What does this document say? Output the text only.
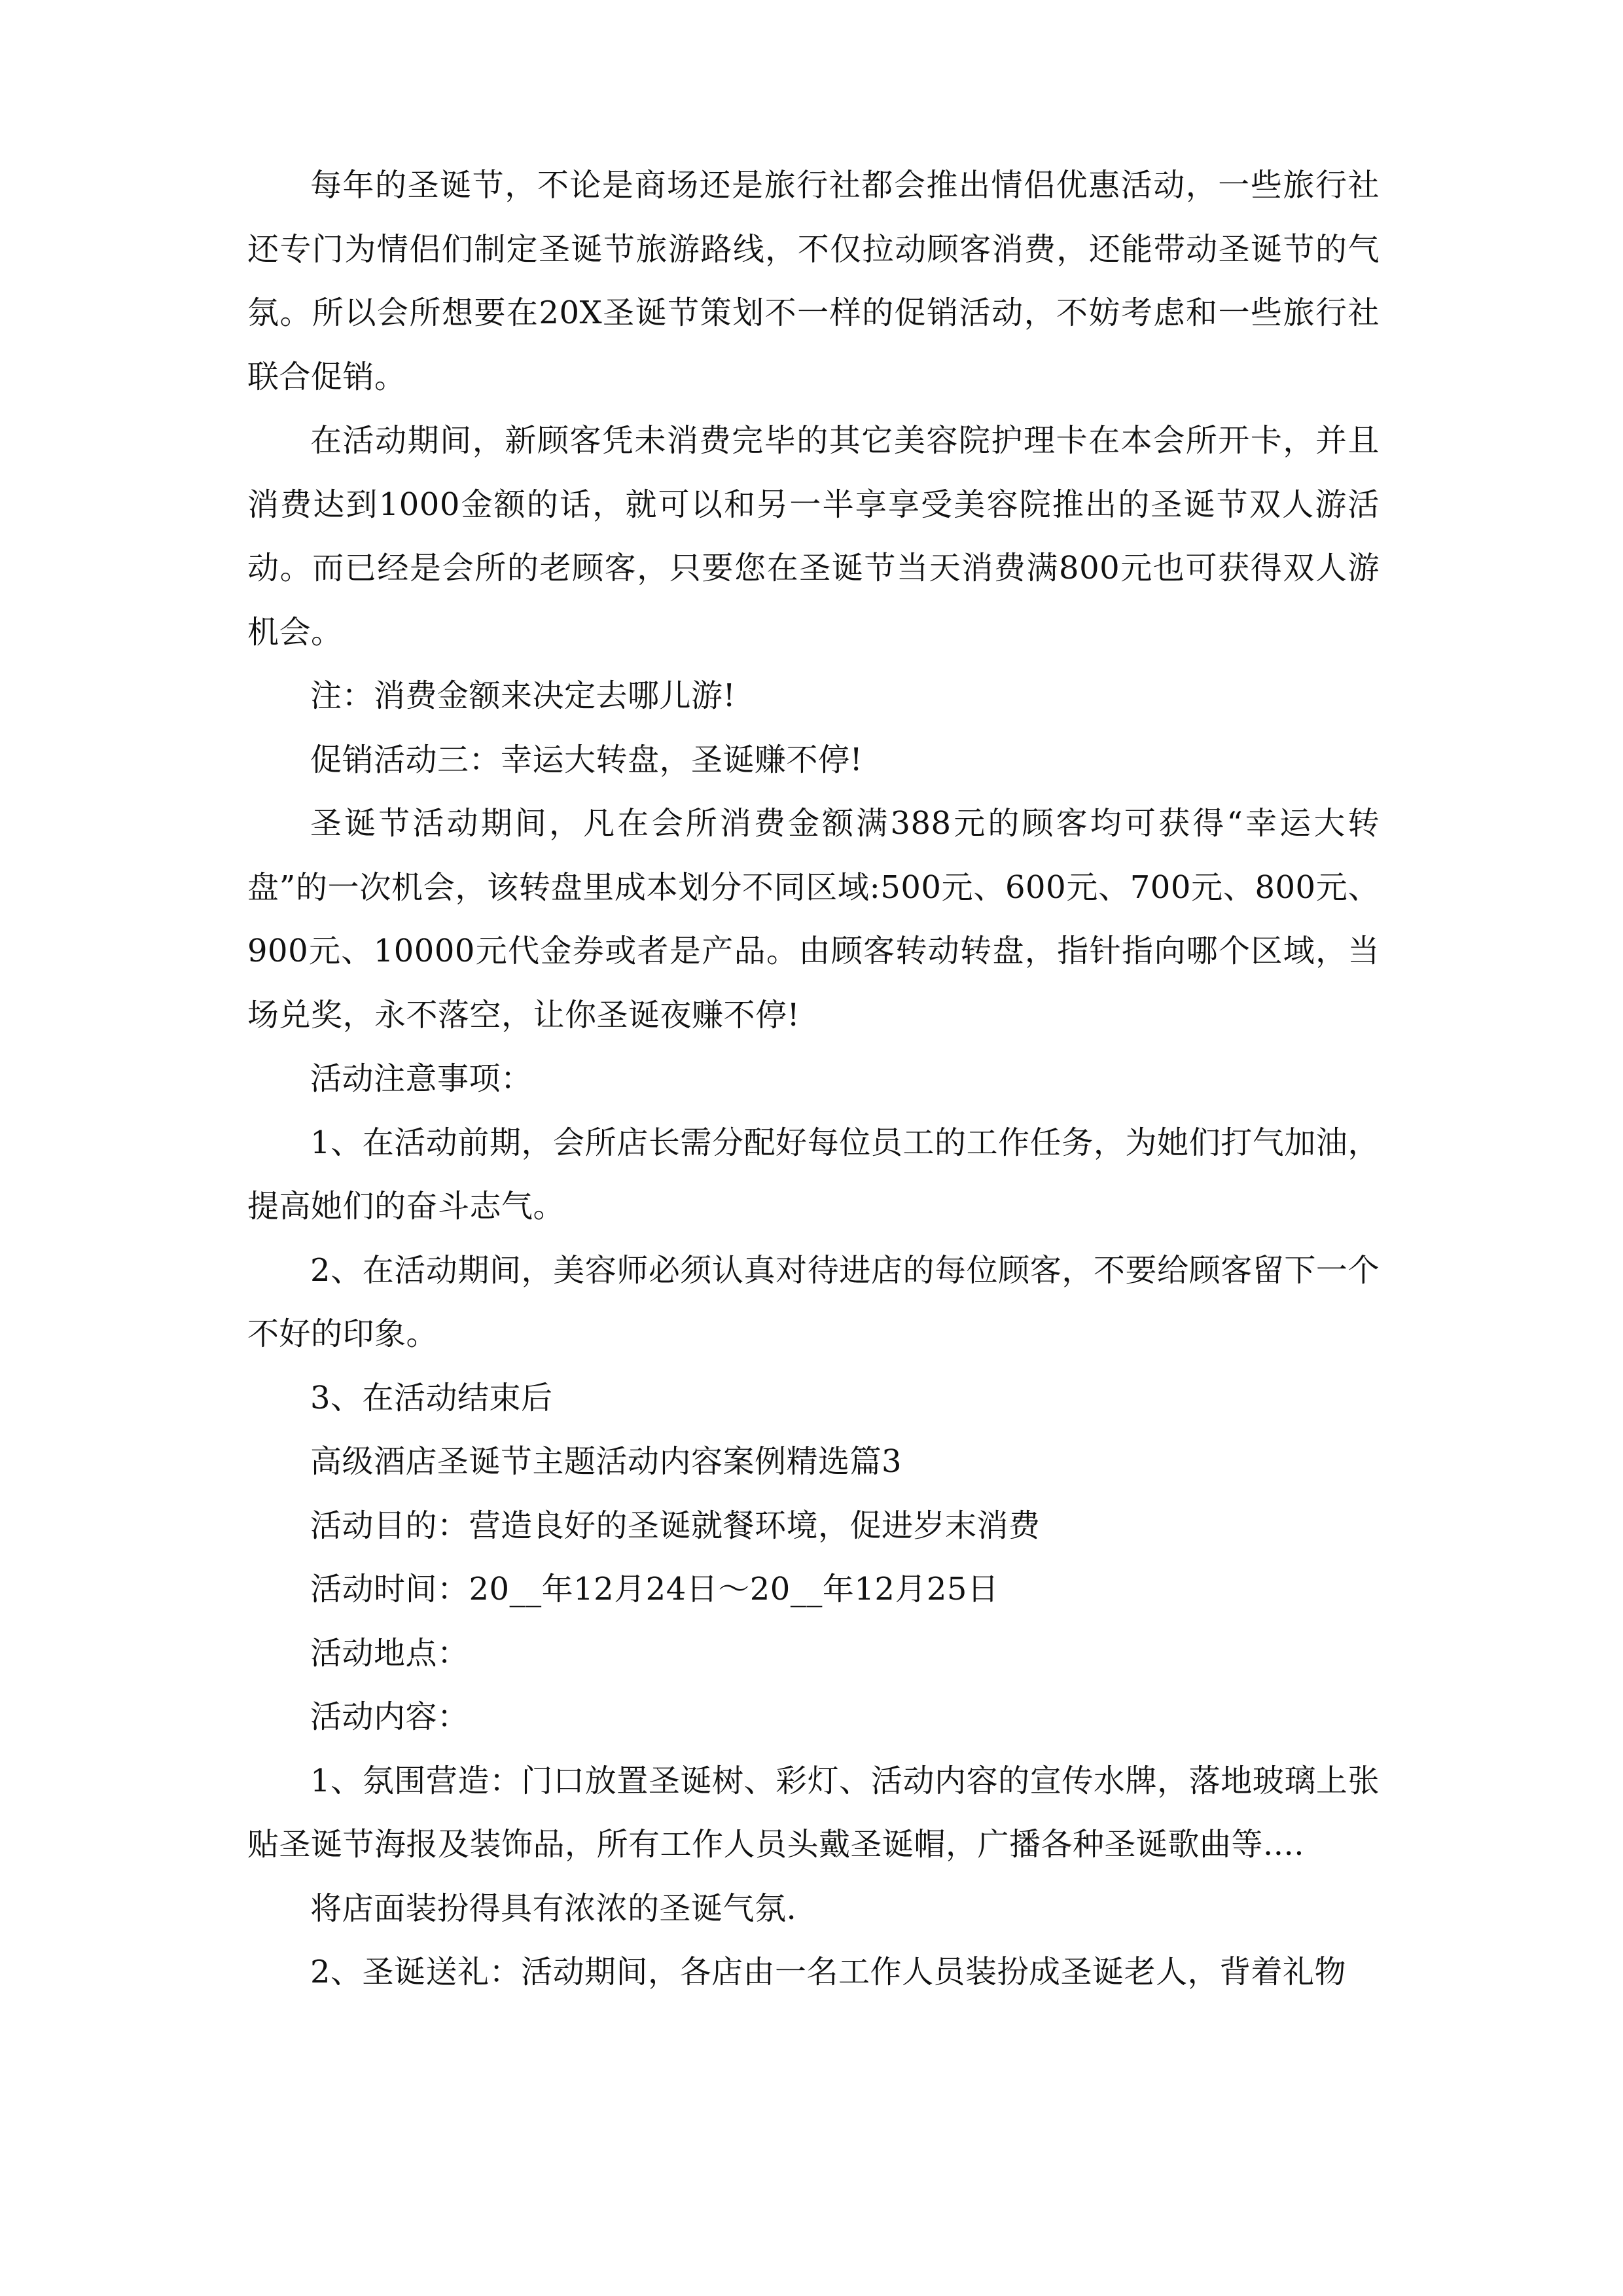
每年的圣诞节，不论是商场还是旅行社都会推出情侣优惠活动，一些旅行社还专门为情侣们制定圣诞节旅游路线，不仅拉动顾客消费，还能带动圣诞节的气氛。所以会所想要在20X圣诞节策划不一样的促销活动，不妨考虑和一些旅行社联合促销。

在活动期间，新顾客凭未消费完毕的其它美容院护理卡在本会所开卡，并且消费达到1000金额的话，就可以和另一半享享受美容院推出的圣诞节双人游活动。而已经是会所的老顾客，只要您在圣诞节当天消费满800元也可获得双人游机会。

注：消费金额来决定去哪儿游!

促销活动三：幸运大转盘，圣诞赚不停!

圣诞节活动期间，凡在会所消费金额满388元的顾客均可获得“幸运大转盘”的一次机会，该转盘里成本划分不同区域:500元、600元、700元、800元、900元、10000元代金券或者是产品。由顾客转动转盘，指针指向哪个区域，当场兑奖，永不落空，让你圣诞夜赚不停!

活动注意事项：

1、在活动前期，会所店长需分配好每位员工的工作任务，为她们打气加油，提高她们的奋斗志气。

2、在活动期间，美容师必须认真对待进店的每位顾客，不要给顾客留下一个不好的印象。

3、在活动结束后

高级酒店圣诞节主题活动内容案例精选篇3

活动目的：营造良好的圣诞就餐环境，促进岁末消费

活动时间：20__年12月24日～20__年12月25日

活动地点：

活动内容：

1、氛围营造：门口放置圣诞树、彩灯、活动内容的宣传水牌，落地玻璃上张贴圣诞节海报及装饰品，所有工作人员头戴圣诞帽，广播各种圣诞歌曲等....

将店面装扮得具有浓浓的圣诞气氛.

2、圣诞送礼：活动期间，各店由一名工作人员装扮成圣诞老人，背着礼物
